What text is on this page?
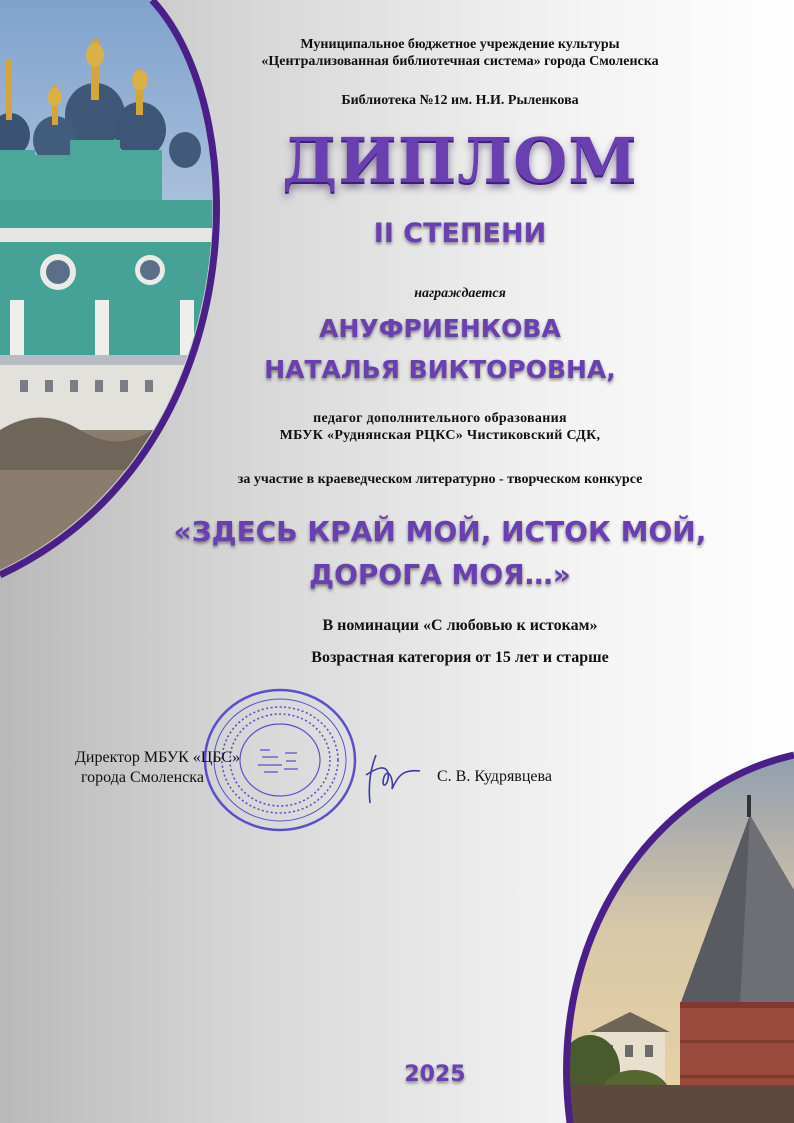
Муниципальное бюджетное учреждение культуры
«Централизованная библиотечная система» города Смоленска
Библиотека №12 им. Н.И. Рыленкова
ДИПЛОМ
II СТЕПЕНИ
награждается
АНУФРИЕНКОВА
НАТАЛЬЯ ВИКТОРОВНА,
педагог дополнительного образования
МБУК «Руднянская РЦКС» Чистиковский СДК,
за участие в краеведческом литературно - творческом конкурсе
«ЗДЕСЬ КРАЙ МОЙ, ИСТОК МОЙ,
ДОРОГА МОЯ…»
В номинации «С любовью к истокам»
Возрастная категория от 15 лет и старше
Директор МБУК «ЦБС»
города Смоленска	С. В. Кудрявцева
2025
